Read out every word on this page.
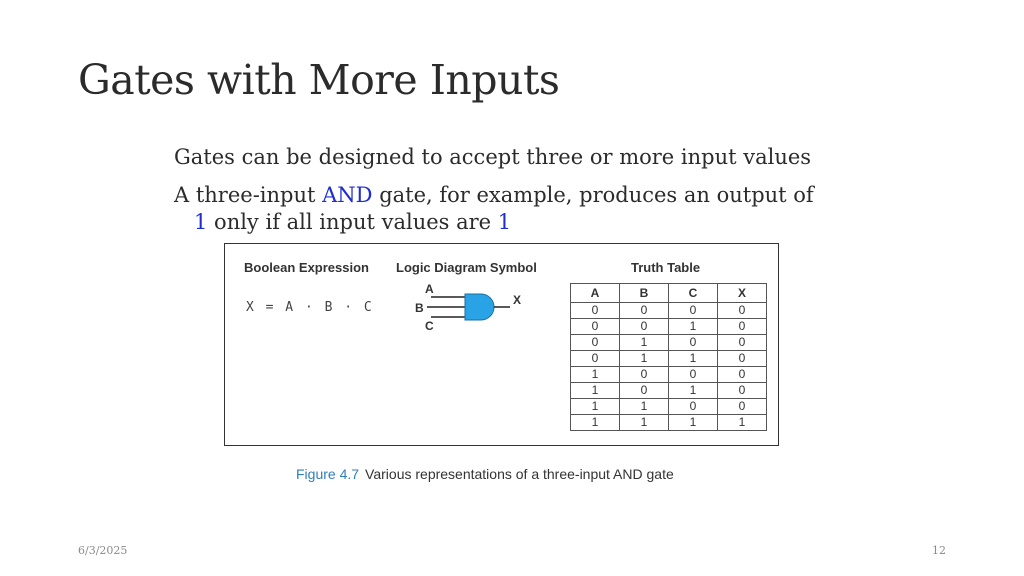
Gates with More Inputs
Gates can be designed to accept three or more input values
A three-input AND gate, for example, produces an output of
1 only if all input values are 1
Boolean Expression Logic Diagram Symbol	Truth Table
X = A · B · C
A
B
C
X
A	B	C	X
0	0	0	0
0	0	1	0
0	1	0	0
0	1	1	0
1	0	0	0
1	0	1	0
1	1	0	0
1	1	1	1
Figure 4.7 Various representations of a three-input AND gate
6/3/2025	12
